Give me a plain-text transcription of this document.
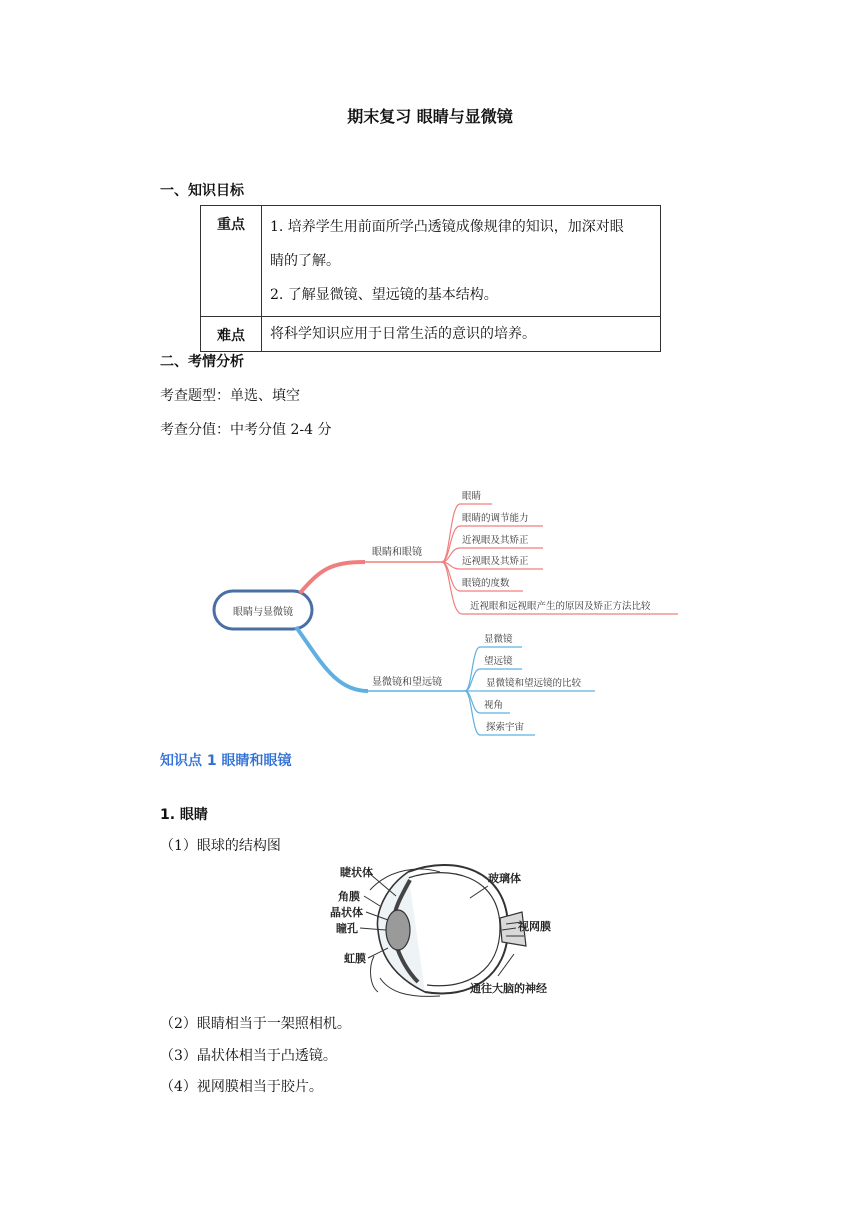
期末复习 眼睛与显微镜
一、知识目标
重点	1. 培养学生用前面所学凸透镜成像规律的知识，加深对眼
睛的了解。
2. 了解显微镜、望远镜的基本结构。

难点	将科学知识应用于日常生活的意识的培养。
二、考情分析
考查题型：单选、填空
考查分值：中考分值 2-4 分
眼睛与显微镜
眼睛和眼镜
眼睛
眼睛的调节能力
近视眼及其矫正
远视眼及其矫正
眼镜的度数
近视眼和远视眼产生的原因及矫正方法比较
显微镜和望远镜
显微镜
望远镜
显微镜和望远镜的比较
视角
探索宇宙
知识点 1 眼睛和眼镜
1. 眼睛
（1）眼球的结构图
睫状体
角膜
晶状体
瞳孔
虹膜
玻璃体
视网膜
通往大脑的神经
（2）眼睛相当于一架照相机。
（3）晶状体相当于凸透镜。
（4）视网膜相当于胶片。
